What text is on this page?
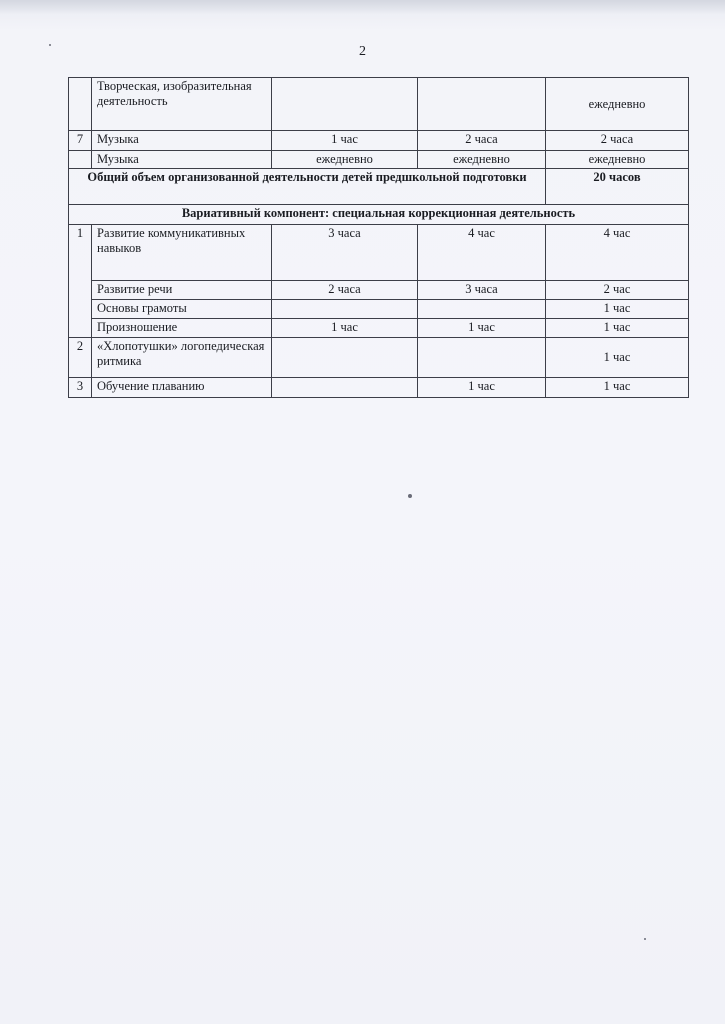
2
	Творческая, изобразительная деятельность			ежедневно
7	Музыка	1 час	2 часа	2 часа
	Музыка	ежедневно	ежедневно	ежедневно
Общий объем организованной деятельности детей предшкольной подготовки				20 часов
Вариативный компонент: специальная коррекционная деятельность				
1	Развитие коммуникативных навыков	3 часа	4 час	4 час
	Развитие речи	2 часа	3 часа	2 час
	Основы грамоты			1 час
	Произношение	1 час	1 час	1 час
2	«Хлопотушки» логопедическая ритмика			1 час
3	Обучение плаванию		1 час	1 час
